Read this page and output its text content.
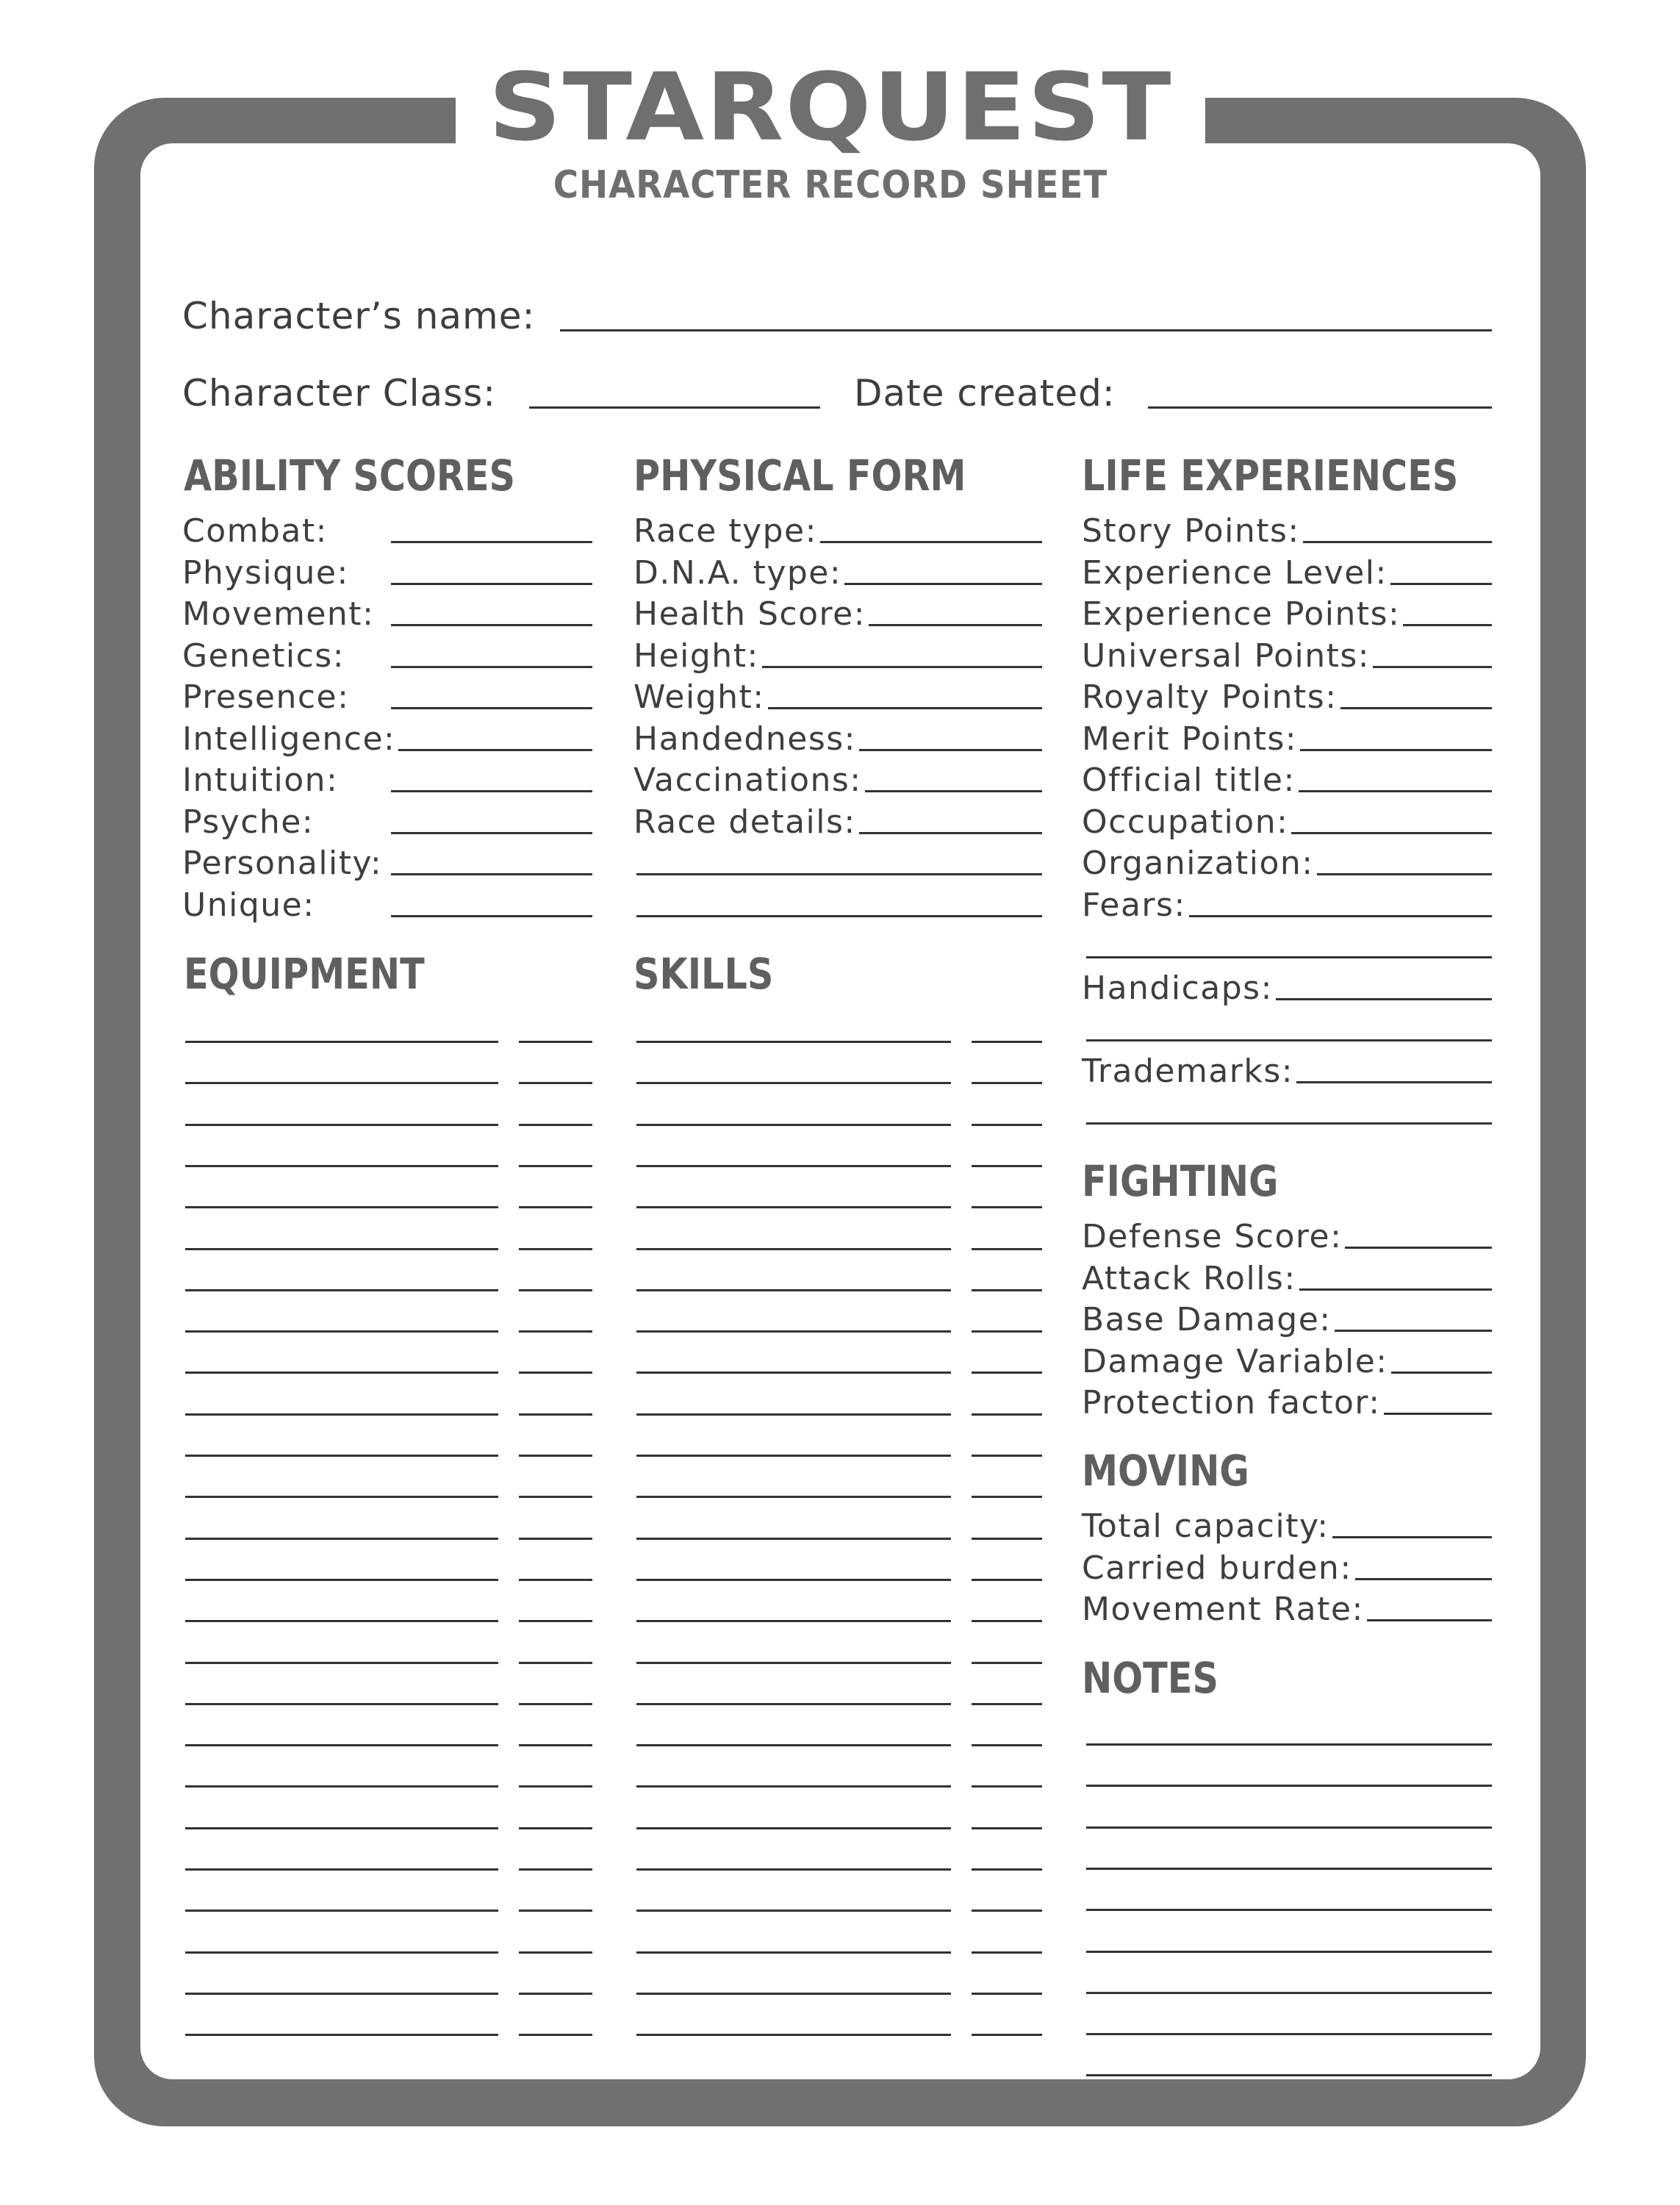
STARQUEST
CHARACTER RECORD SHEET
Character’s name:
Character Class:	Date created:
ABILITY SCORES	PHYSICAL FORM	LIFE EXPERIENCES
EQUIPMENT	SKILLS
FIGHTING
MOVING
NOTES
Combat:
Physique:
Movement:
Genetics:
Presence:
Intelligence:
Intuition:
Psyche:
Personality:
Unique:
Race type:
D.N.A. type:
Health Score:
Height:
Weight:
Handedness:
Vaccinations:
Race details:
Story Points:
Experience Level:
Experience Points:
Universal Points:
Royalty Points:
Merit Points:
Official title:
Occupation:
Organization:
Fears:
Handicaps:
Trademarks:
Defense Score:
Attack Rolls:
Base Damage:
Damage Variable:
Protection factor:
Total capacity:
Carried burden:
Movement Rate:
